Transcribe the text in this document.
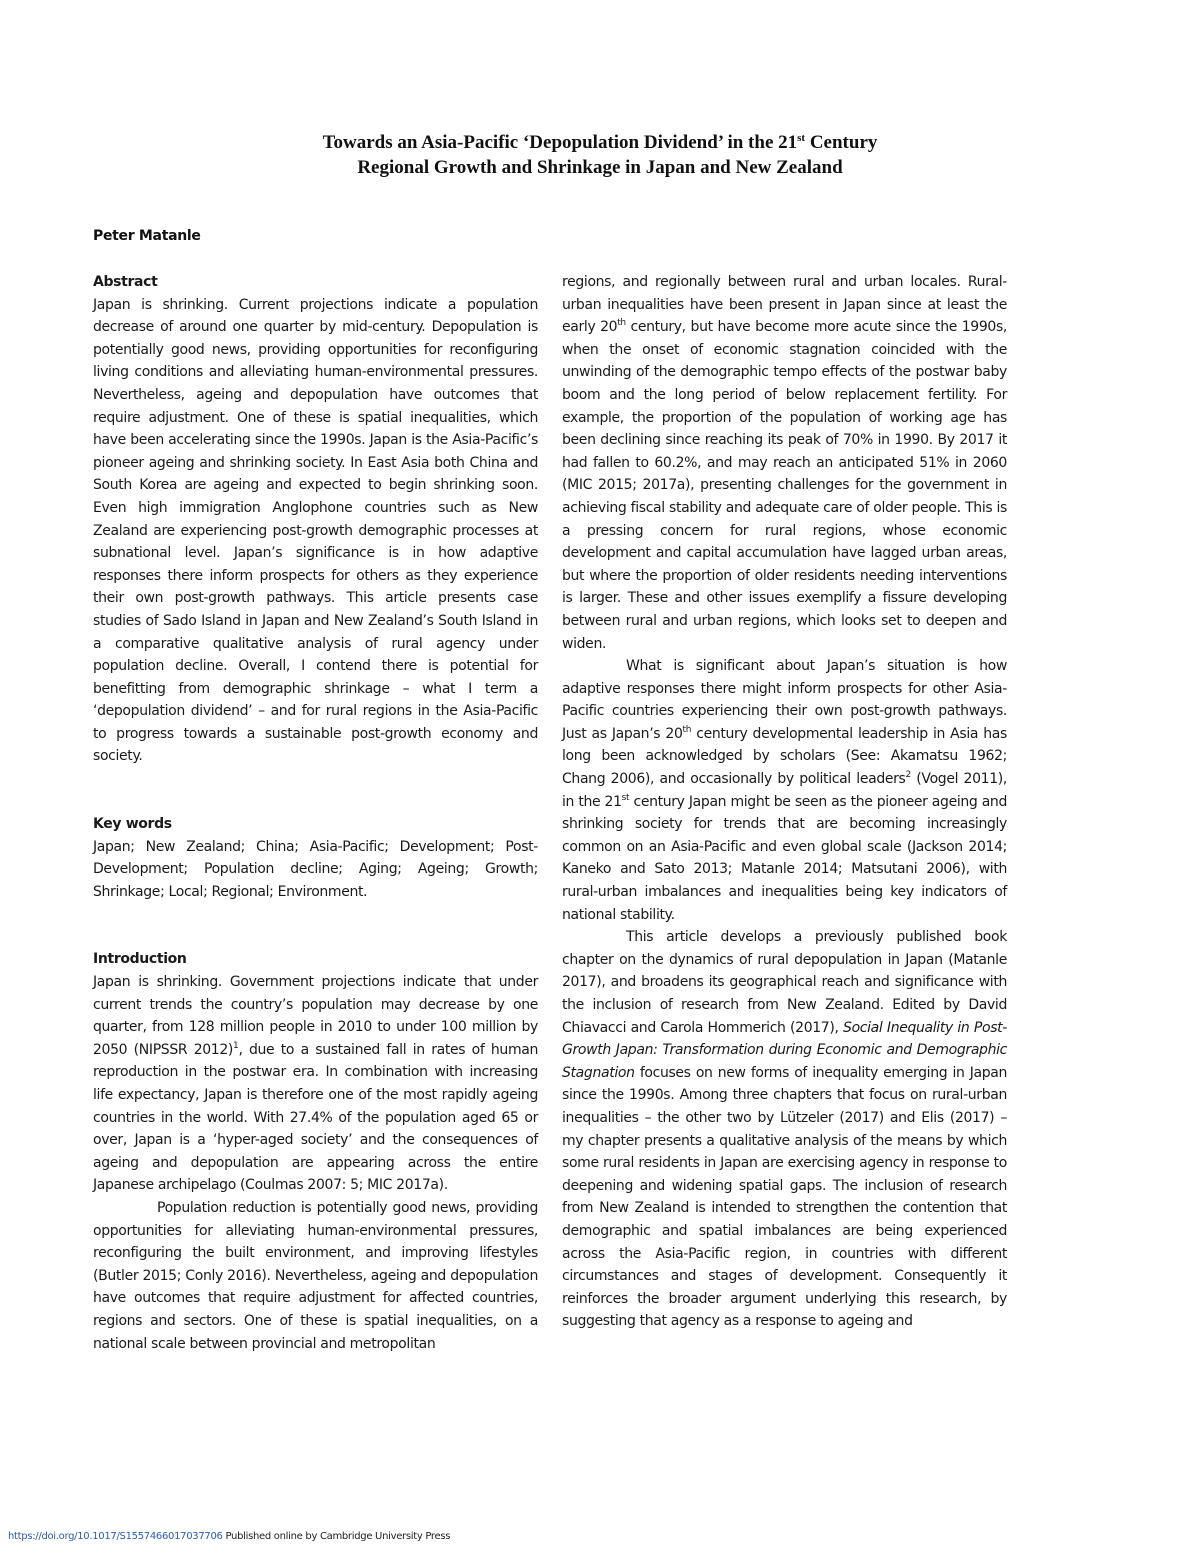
Towards an Asia-Pacific ‘Depopulation Dividend’ in the 21st Century
Regional Growth and Shrinkage in Japan and New Zealand
Peter Matanle

Abstract

Japan is shrinking. Current projections indicate a population decrease of around one quarter by mid-century. Depopulation is potentially good news, providing opportunities for reconfiguring living conditions and alleviating human-environmental pressures. Nevertheless, ageing and depopulation have outcomes that require adjustment. One of these is spatial inequalities, which have been accelerating since the 1990s. Japan is the Asia-Pacific’s pioneer ageing and shrinking society. In East Asia both China and South Korea are ageing and expected to begin shrinking soon. Even high immigration Anglophone countries such as New Zealand are experiencing post-growth demographic processes at subnational level. Japan’s significance is in how adaptive responses there inform prospects for others as they experience their own post-growth pathways. This article presents case studies of Sado Island in Japan and New Zealand’s South Island in a comparative qualitative analysis of rural agency under population decline. Overall, I contend there is potential for benefitting from demographic shrinkage – what I term a ‘depopulation dividend’ – and for rural regions in the Asia-Pacific to progress towards a sustainable post-growth economy and society.

Key words

Japan; New Zealand; China; Asia-Pacific; Development; Post-Development; Population decline; Aging; Ageing; Growth; Shrinkage; Local; Regional; Environment.

Introduction

Japan is shrinking. Government projections indicate that under current trends the country’s population may decrease by one quarter, from 128 million people in 2010 to under 100 million by 2050 (NIPSSR 2012)$^1$, due to a sustained fall in rates of human reproduction in the postwar era. In combination with increasing life expectancy, Japan is therefore one of the most rapidly ageing countries in the world. With 27.4% of the population aged 65 or over, Japan is a ‘hyper-aged society’ and the consequences of ageing and depopulation are appearing across the entire Japanese archipelago (Coulmas 2007: 5; MIC 2017a).

Population reduction is potentially good news, providing opportunities for alleviating human-environmental pressures, reconfiguring the built environment, and improving lifestyles (Butler 2015; Conly 2016). Nevertheless, ageing and depopulation have outcomes that require adjustment for affected countries, regions and sectors. One of these is spatial inequalities, on a national scale between provincial and metropolitan

regions, and regionally between rural and urban locales. Rural-urban inequalities have been present in Japan since at least the early 20th century, but have become more acute since the 1990s, when the onset of economic stagnation coincided with the unwinding of the demographic tempo effects of the postwar baby boom and the long period of below replacement fertility. For example, the proportion of the population of working age has been declining since reaching its peak of 70% in 1990. By 2017 it had fallen to 60.2%, and may reach an anticipated 51% in 2060 (MIC 2015; 2017a), presenting challenges for the government in achieving fiscal stability and adequate care of older people. This is a pressing concern for rural regions, whose economic development and capital accumulation have lagged urban areas, but where the proportion of older residents needing interventions is larger. These and other issues exemplify a fissure developing between rural and urban regions, which looks set to deepen and widen.

What is significant about Japan’s situation is how adaptive responses there might inform prospects for other Asia-Pacific countries experiencing their own post-growth pathways. Just as Japan’s 20th century developmental leadership in Asia has long been acknowledged by scholars (See: Akamatsu 1962; Chang 2006), and occasionally by political leaders$^2$ (Vogel 2011), in the 21st century Japan might be seen as the pioneer ageing and shrinking society for trends that are becoming increasingly common on an Asia-Pacific and even global scale (Jackson 2014; Kaneko and Sato 2013; Matanle 2014; Matsutani 2006), with rural-urban imbalances and inequalities being key indicators of national stability.

This article develops a previously published book chapter on the dynamics of rural depopulation in Japan (Matanle 2017), and broadens its geographical reach and significance with the inclusion of research from New Zealand. Edited by David Chiavacci and Carola Hommerich (2017), Social Inequality in Post-Growth Japan: Transformation during Economic and Demographic Stagnation focuses on new forms of inequality emerging in Japan since the 1990s. Among three chapters that focus on rural-urban inequalities – the other two by Lützeler (2017) and Elis (2017) – my chapter presents a qualitative analysis of the means by which some rural residents in Japan are exercising agency in response to deepening and widening spatial gaps. The inclusion of research from New Zealand is intended to strengthen the contention that demographic and spatial imbalances are being experienced across the Asia-Pacific region, in countries with different circumstances and stages of development. Consequently it reinforces the broader argument underlying this research, by suggesting that agency as a response to ageing and

https://doi.org/10.1017/S1557466017037706 Published online by Cambridge University Press
